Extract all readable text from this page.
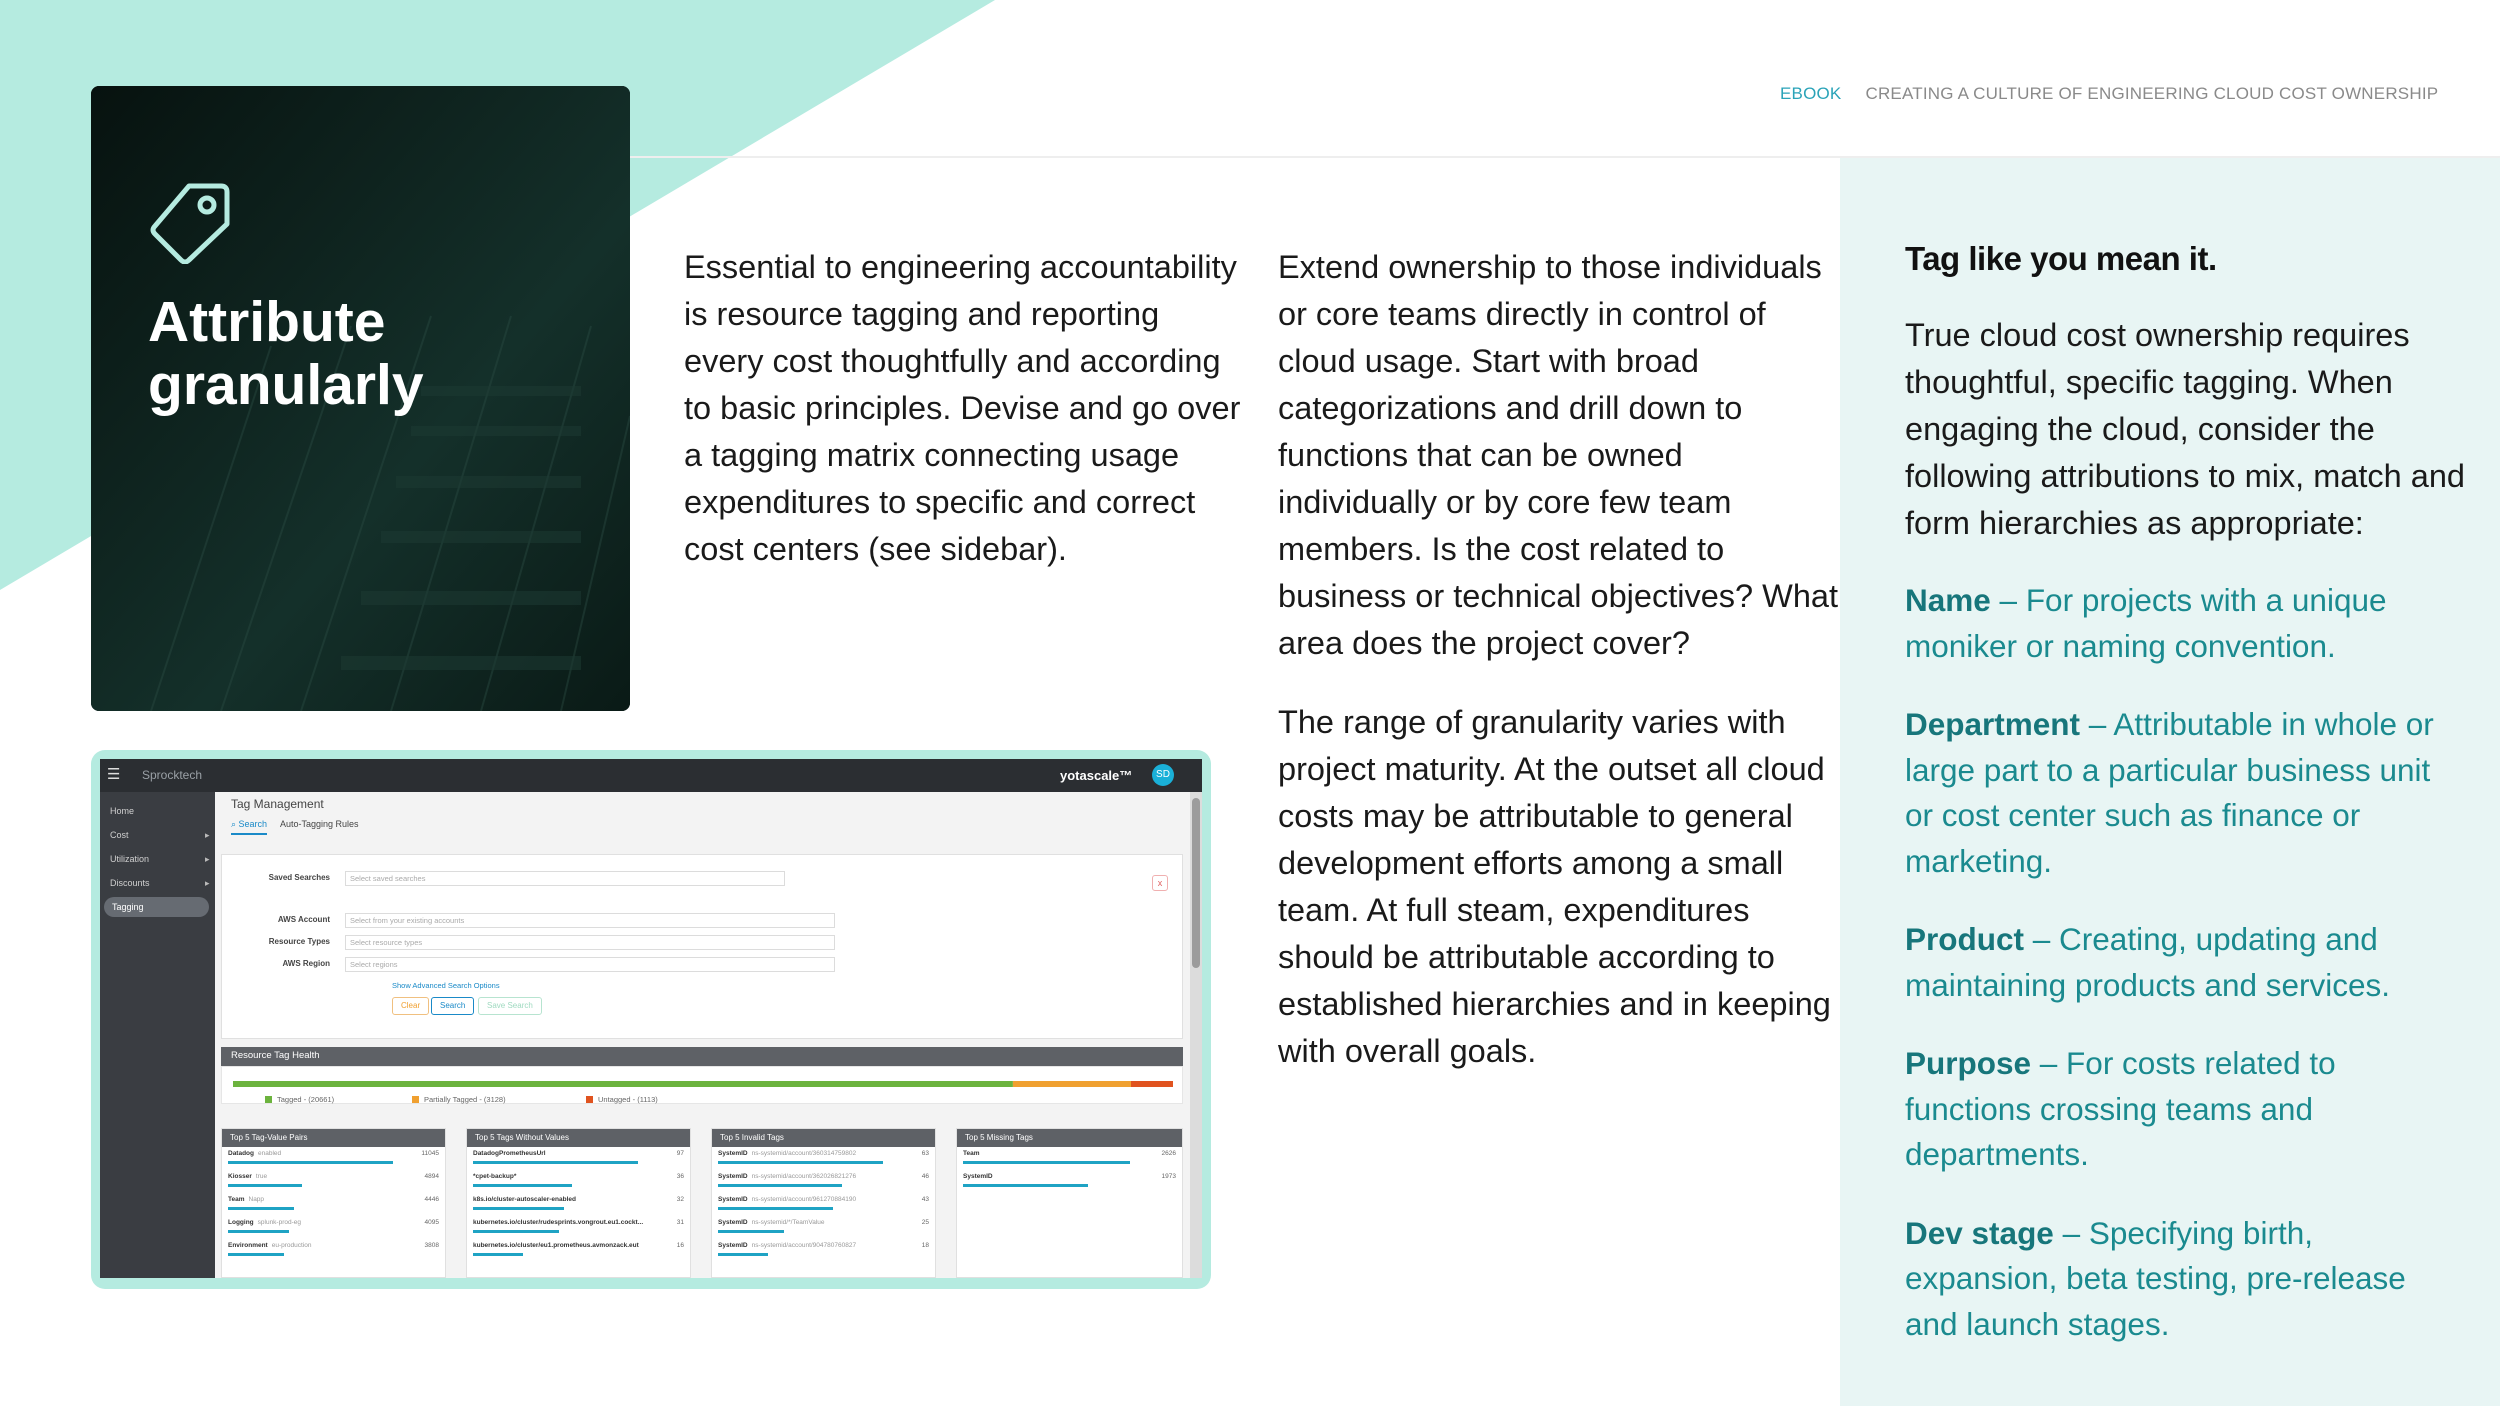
EBOOK CREATING A CULTURE OF ENGINEERING CLOUD COST OWNERSHIP
Attribute
granularly

Essential to engineering accountability is resource tagging and reporting every cost thoughtfully and according to basic principles. Devise and go over a tagging matrix connecting usage expenditures to specific and correct cost centers (see sidebar).

Extend ownership to those individuals or core teams directly in control of cloud usage. Start with broad categorizations and drill down to functions that can be owned individually or by core few team members. Is the cost related to business or technical objectives? What area does the project cover?

The range of granularity varies with project maturity. At the outset all cloud costs may be attributable to general development efforts among a small team. At full steam, expenditures should be attributable according to established hierarchies and in keeping with overall goals.

Tag like you mean it.
True cloud cost ownership requires thoughtful, specific tagging. When engaging the cloud, consider the following attributions to mix, match and form hierarchies as appropriate:
Name – For projects with a unique moniker or naming convention.
Department – Attributable in whole or large part to a particular business unit or cost center such as finance or marketing.
Product – Creating, updating and maintaining products and services.
Purpose – For costs related to functions crossing teams and departments.
Dev stage – Specifying birth, expansion, beta testing, pre-release and launch stages.
☰ Sprocktech	yotascale™	SD
Home
Cost	▸
Utilization	▸
Discounts	▸
Tagging
Tag Management
⌕ Search Auto-Tagging Rules
Saved Searches	Select saved searches	x
AWS Account	Select from your existing accounts
Resource Types	Select resource types
AWS Region	Select regions
Show Advanced Search Options
Clear	Search	Save Search
Resource Tag Health
Tagged - (20661)	Partially Tagged - (3128)	Untagged - (1113)
Top 5 Tag-Value Pairs
Datadog enabled	11045
Kiosser true	4894
Team Napp	4446
Logging splunk-prod-eg	4095
Environment eu-production	3808
Top 5 Tags Without Values
DatadogPrometheusUrl	97
*cpet-backup*	36
k8s.io/cluster-autoscaler-enabled	32
kubernetes.io/cluster/rudesprints.vongrout.eu1.cockt...	31
kubernetes.io/cluster/eu1.prometheus.avmonzack.eut	16
Top 5 Invalid Tags
SystemID ns-systemid/account/360314759802	63
SystemID ns-systemid/account/362026821276	46
SystemID ns-systemid/account/961270884190	43
SystemID ns-systemid/*/TeamValue	25
SystemID ns-systemid/account/904780760827	18
Top 5 Missing Tags
Team	2626
SystemID	1973
